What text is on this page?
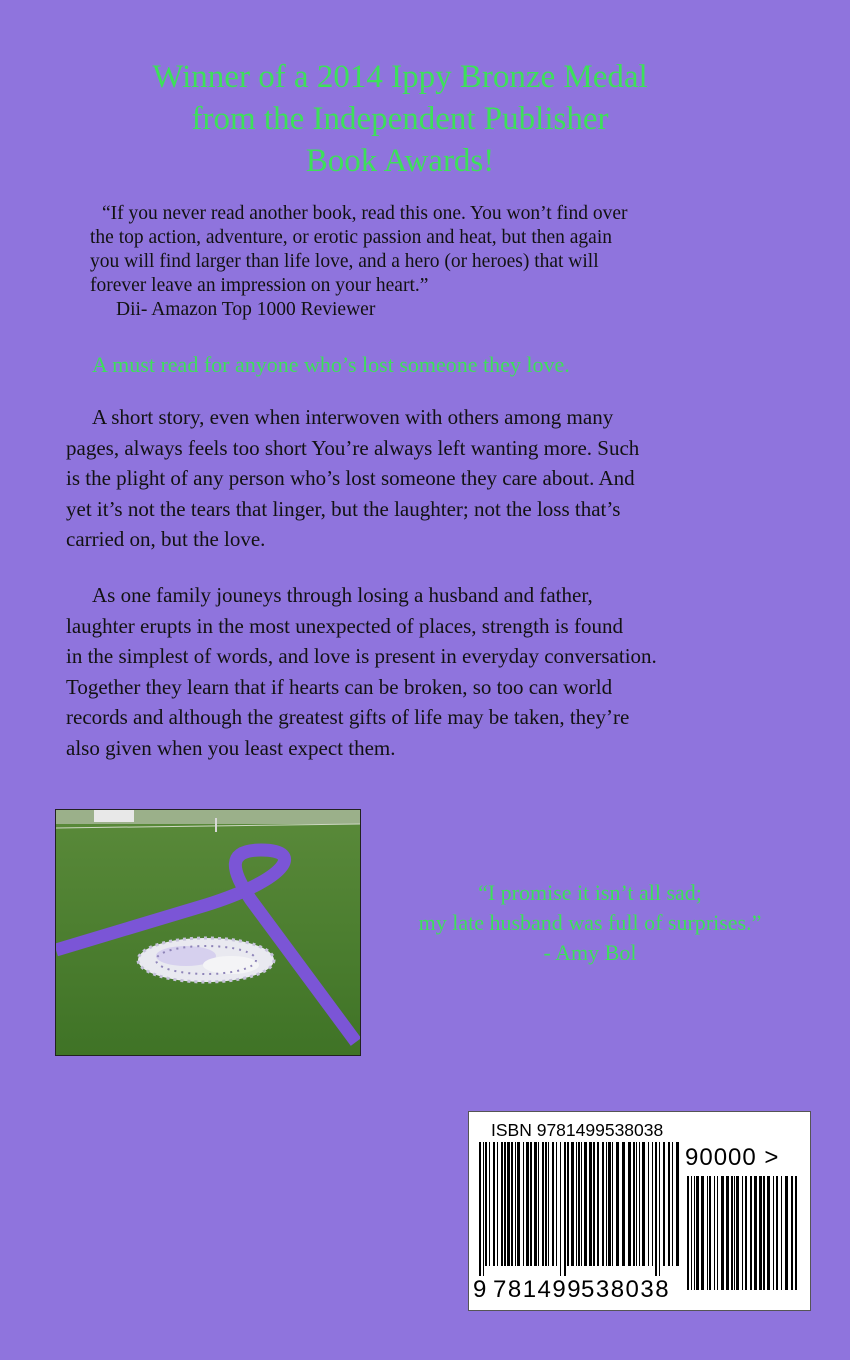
Winner of a 2014 Ippy Bronze Medal
from the Independent Publisher
Book Awards!
“If you never read another book, read this one. You won’t find over
the top action, adventure, or erotic passion and heat, but then again
you will find larger than life love, and a hero (or heroes) that will
forever leave an impression on your heart.”
Dii- Amazon Top 1000 Reviewer
A must read for anyone who’s lost someone they love.
A short story, even when interwoven with others among many
pages, always feels too short You’re always left wanting more. Such
is the plight of any person who’s lost someone they care about. And
yet it’s not the tears that linger, but the laughter; not the loss that’s
carried on, but the love.
As one family jouneys through losing a husband and father,
laughter erupts in the most unexpected of places, strength is found
in the simplest of words, and love is present in everyday conversation.
Together they learn that if hearts can be broken, so too can world
records and although the greatest gifts of life may be taken, they’re
also given when you least expect them.
“I promise it isn’t all sad;
my late husband was full of surprises.”
- Amy Bol
ISBN 9781499538038
90000 >
9 781499
538038
